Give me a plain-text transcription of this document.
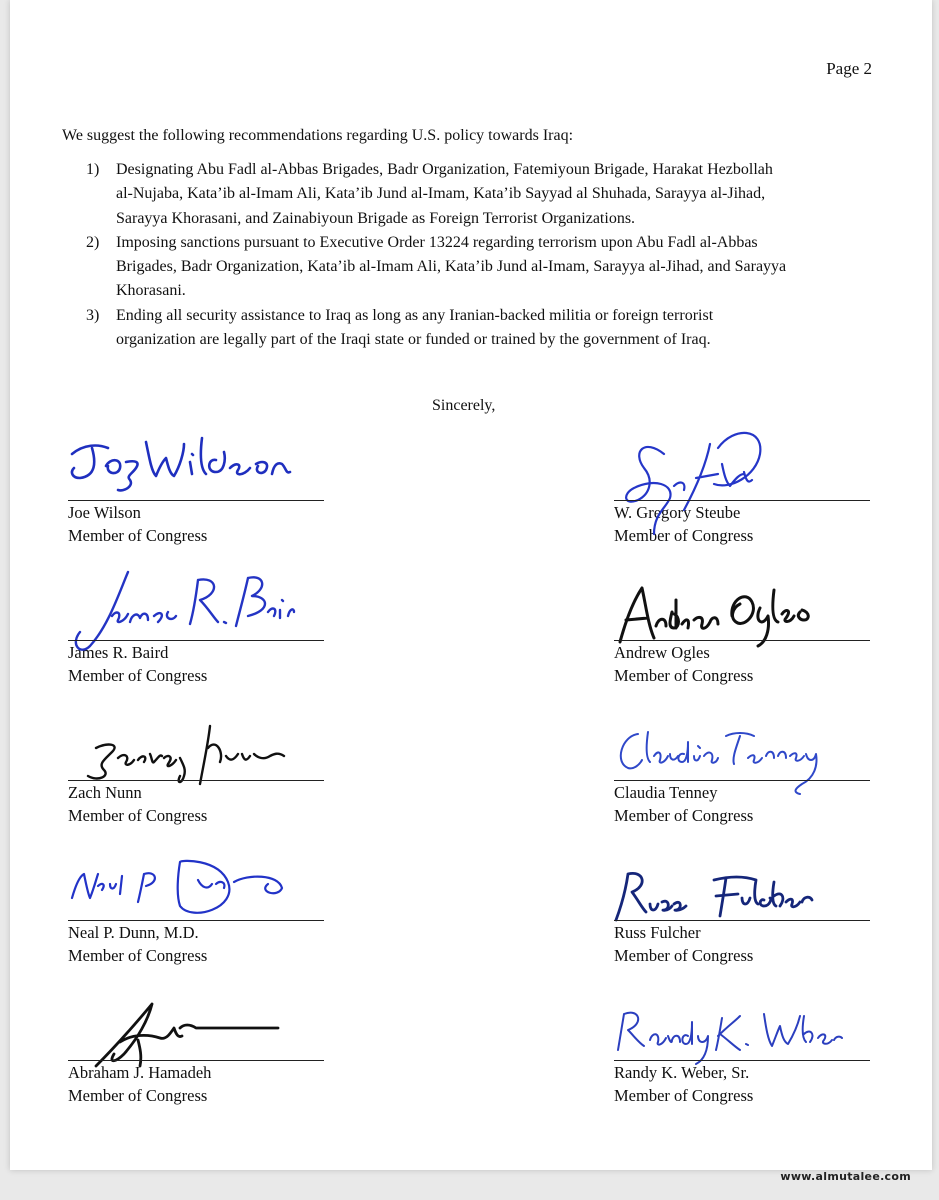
Page 2
We suggest the following recommendations regarding U.S. policy towards Iraq:
1) Designating Abu Fadl al-Abbas Brigades, Badr Organization, Fatemiyoun Brigade, Harakat Hezbollah
al-Nujaba, Kata’ib al-Imam Ali, Kata’ib Jund al-Imam, Kata’ib Sayyad al Shuhada, Sarayya al-Jihad,
Sarayya Khorasani, and Zainabiyoun Brigade as Foreign Terrorist Organizations.
2) Imposing sanctions pursuant to Executive Order 13224 regarding terrorism upon Abu Fadl al-Abbas
Brigades, Badr Organization, Kata’ib al-Imam Ali, Kata’ib Jund al-Imam, Sarayya al-Jihad, and Sarayya
Khorasani.
3) Ending all security assistance to Iraq as long as any Iranian-backed militia or foreign terrorist
organization are legally part of the Iraqi state or funded or trained by the government of Iraq.
Sincerely,
Joe Wilson
Member of Congress
James R. Baird
Member of Congress
Zach Nunn
Member of Congress
Neal P. Dunn, M.D.
Member of Congress
Abraham J. Hamadeh
Member of Congress
W. Gregory Steube
Member of Congress
Andrew Ogles
Member of Congress
Claudia Tenney
Member of Congress
Russ Fulcher
Member of Congress
Randy K. Weber, Sr.
Member of Congress
www.almutalee.com
